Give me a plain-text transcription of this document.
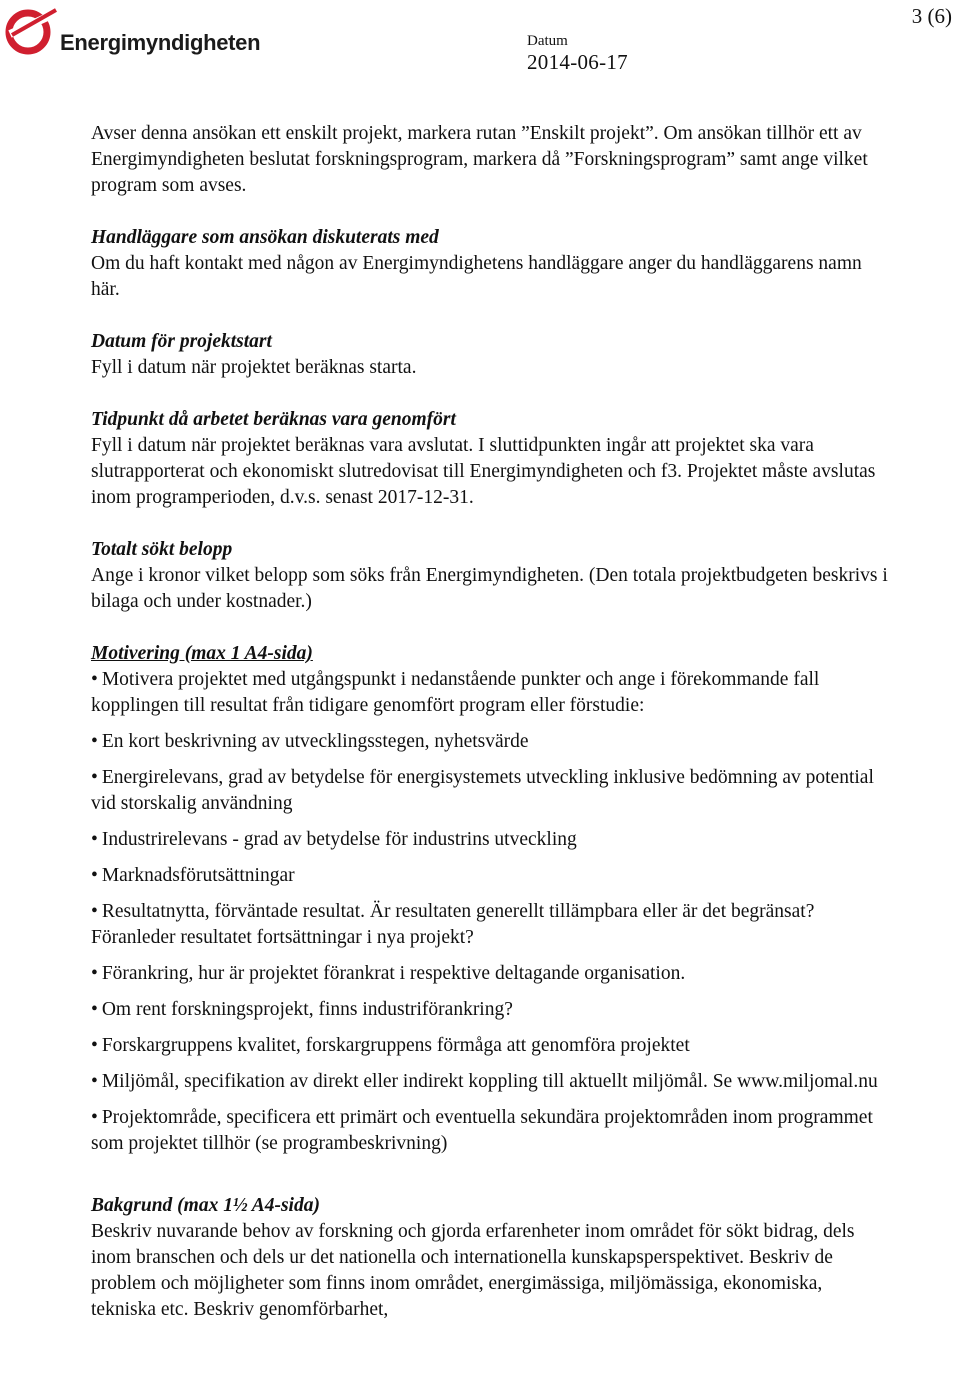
Energimyndigheten	Datum
2014-06-17
3 (6)

Avser denna ansökan ett enskilt projekt, markera rutan ”Enskilt projekt”. Om ansökan tillhör ett av Energimyndigheten beslutat forskningsprogram, markera då ”Forskningsprogram” samt ange vilket program som avses.

Handläggare som ansökan diskuterats med

Om du haft kontakt med någon av Energimyndighetens handläggare anger du handläggarens namn här.

Datum för projektstart

Fyll i datum när projektet beräknas starta.

Tidpunkt då arbetet beräknas vara genomfört

Fyll i datum när projektet beräknas vara avslutat. I sluttidpunkten ingår att projektet ska vara slutrapporterat och ekonomiskt slutredovisat till Energimyndigheten och f3. Projektet måste avslutas inom programperioden, d.v.s. senast 2017-12-31.

Totalt sökt belopp

Ange i kronor vilket belopp som söks från Energimyndigheten. (Den totala projektbudgeten beskrivs i bilaga och under kostnader.)

Motivering (max 1 A4-sida)

• Motivera projektet med utgångspunkt i nedanstående punkter och ange i förekommande fall kopplingen till resultat från tidigare genomfört program eller förstudie:

• En kort beskrivning av utvecklingsstegen, nyhetsvärde

• Energirelevans, grad av betydelse för energisystemets utveckling inklusive bedömning av potential vid storskalig användning

• Industrirelevans - grad av betydelse för industrins utveckling

• Marknadsförutsättningar

• Resultatnytta, förväntade resultat. Är resultaten generellt tillämpbara eller är det begränsat? Föranleder resultatet fortsättningar i nya projekt?

• Förankring, hur är projektet förankrat i respektive deltagande organisation.

• Om rent forskningsprojekt, finns industriförankring?

• Forskargruppens kvalitet, forskargruppens förmåga att genomföra projektet

• Miljömål, specifikation av direkt eller indirekt koppling till aktuellt miljömål. Se www.miljomal.nu

• Projektområde, specificera ett primärt och eventuella sekundära projektområden inom programmet som projektet tillhör (se programbeskrivning)

Bakgrund (max 1½ A4-sida)

Beskriv nuvarande behov av forskning och gjorda erfarenheter inom området för sökt bidrag, dels inom branschen och dels ur det nationella och internationella kunskapsperspektivet. Beskriv de problem och möjligheter som finns inom området, energimässiga, miljömässiga, ekonomiska, tekniska etc. Beskriv genomförbarhet,
